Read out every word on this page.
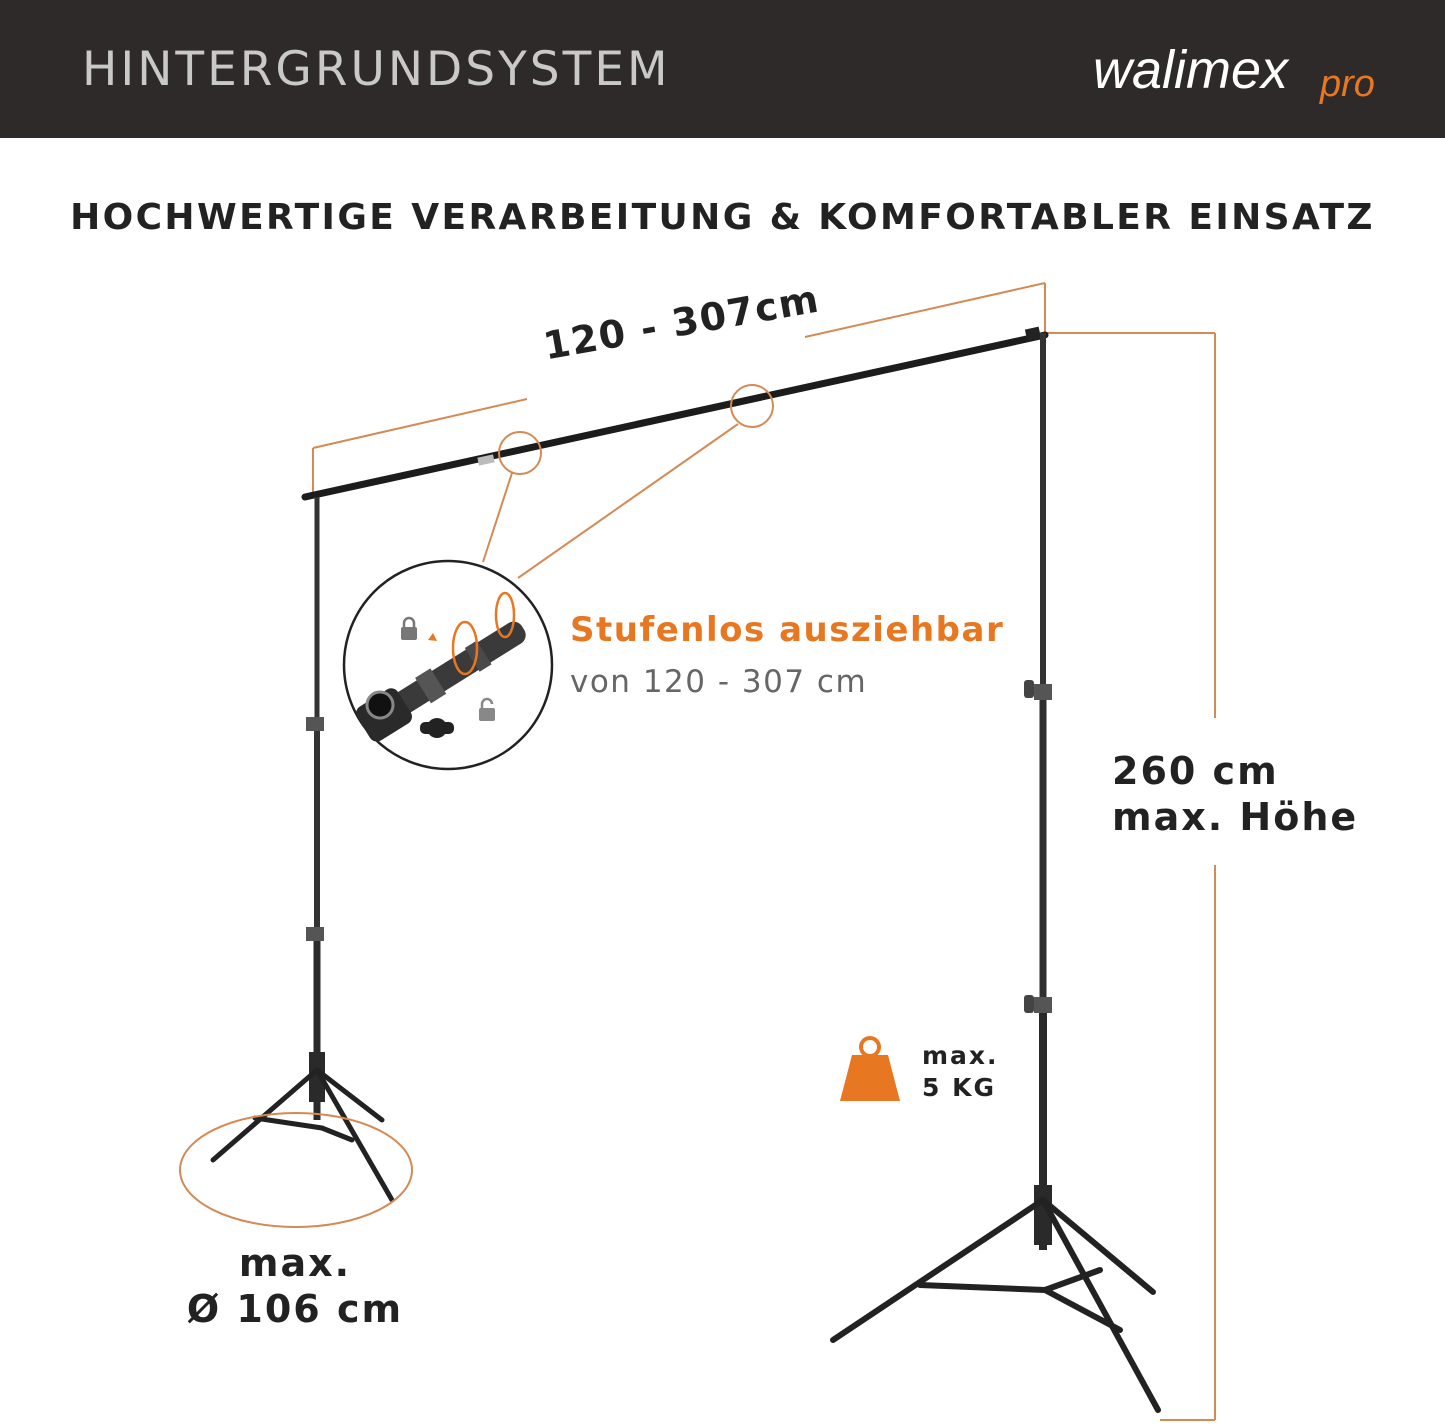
HINTERGRUNDSYSTEM	walimex pro
HOCHWERTIGE VERARBEITUNG & KOMFORTABLER EINSATZ
120 - 307cm
Stufenlos ausziehbar
von 120 - 307 cm
260 cm
max. Höhe
max.
Ø 106 cm
max.
5 KG
